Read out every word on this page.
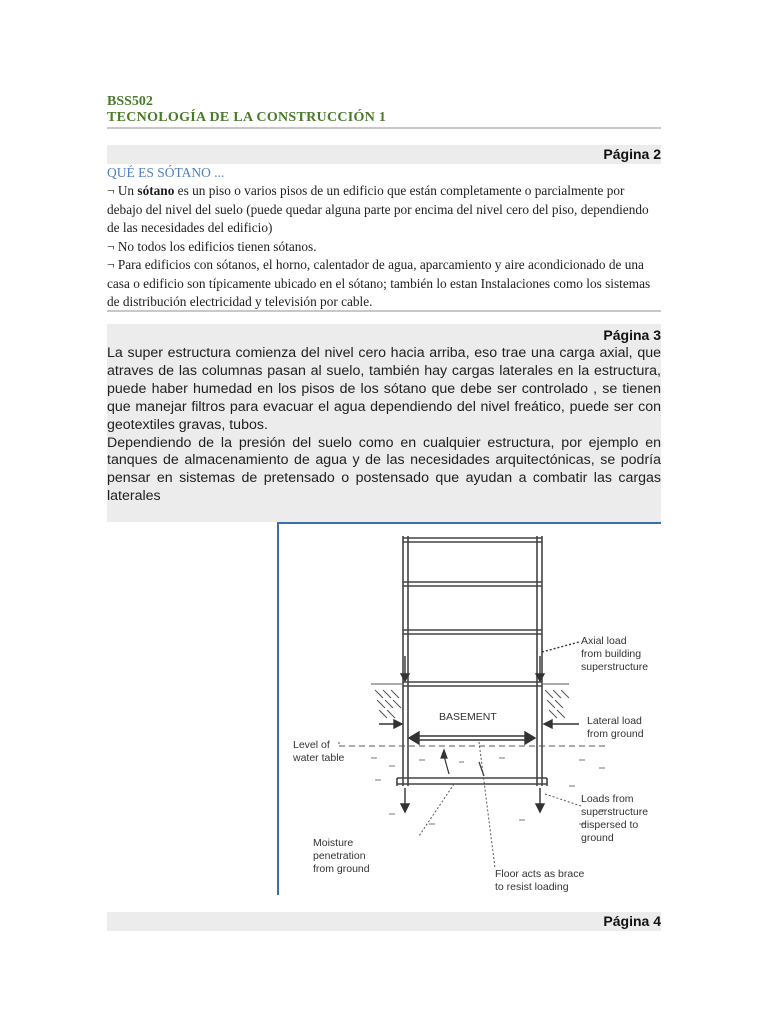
BSS502
TECNOLOGÍA DE LA CONSTRUCCIÓN 1
Página 2
QUÉ ES SÓTANO ...

¬ Un sótano es un piso o varios pisos de un edificio que están completamente o parcialmente por debajo del nivel del suelo (puede quedar alguna parte por encima del nivel cero del piso, dependiendo de las necesidades del edificio)

¬ No todos los edificios tienen sótanos.

¬ Para edificios con sótanos, el horno, calentador de agua, aparcamiento y aire acondicionado de una casa o edificio son típicamente ubicado en el sótano; también lo estan Instalaciones como los sistemas de distribución electricidad y televisión por cable.

Página 3

La super estructura comienza del nivel cero hacia arriba, eso trae una carga axial, que atraves de las columnas pasan al suelo, también hay cargas laterales en la estructura, puede haber humedad en los pisos de los sótano que debe ser controlado , se tienen que manejar filtros para evacuar el agua dependiendo del nivel freático, puede ser con geotextiles gravas, tubos.

Dependiendo de la presión del suelo como en cualquier estructura, por ejemplo en tanques de almacenamiento de agua y de las necesidades arquitectónicas, se podría pensar en sistemas de pretensado o postensado que ayudan a combatir las cargas laterales

Página 4
BASEMENT
Axial load
from building
superstructure
Lateral load
from ground
Level of
water table
Loads from
superstructure
dispersed to
ground
Moisture
penetration
from ground	Floor acts as brace
to resist loading
